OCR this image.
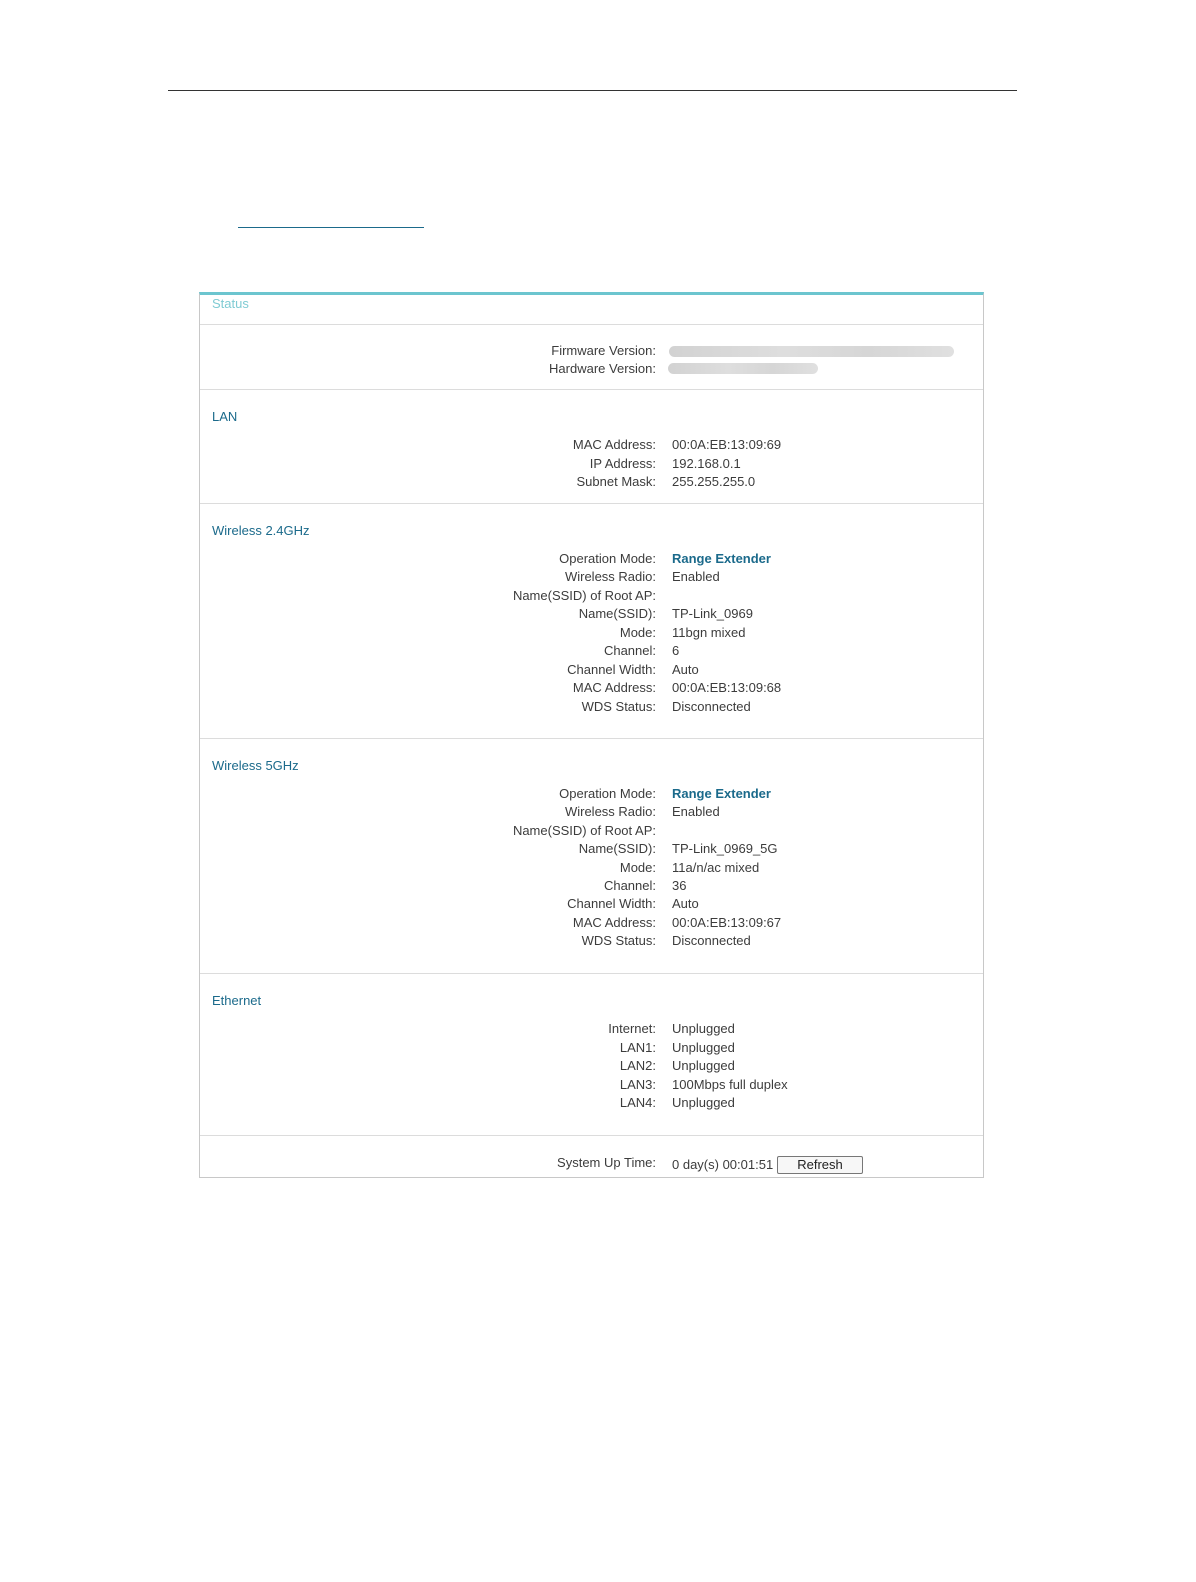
Status
Firmware Version:
Hardware Version:
LAN
MAC Address: 00:0A:EB:13:09:69
IP Address: 192.168.0.1
Subnet Mask: 255.255.255.0
Wireless 2.4GHz
Operation Mode: Range Extender
Wireless Radio: Enabled
Name(SSID) of Root AP:
Name(SSID): TP-Link_0969
Mode: 11bgn mixed
Channel: 6
Channel Width: Auto
MAC Address: 00:0A:EB:13:09:68
WDS Status: Disconnected
Wireless 5GHz
Operation Mode: Range Extender
Wireless Radio: Enabled
Name(SSID) of Root AP:
Name(SSID): TP-Link_0969_5G
Mode: 11a/n/ac mixed
Channel: 36
Channel Width: Auto
MAC Address: 00:0A:EB:13:09:67
WDS Status: Disconnected
Ethernet
Internet: Unplugged
LAN1: Unplugged
LAN2: Unplugged
LAN3: 100Mbps full duplex
LAN4: Unplugged
System Up Time: 0 day(s) 00:01:51	Refresh
